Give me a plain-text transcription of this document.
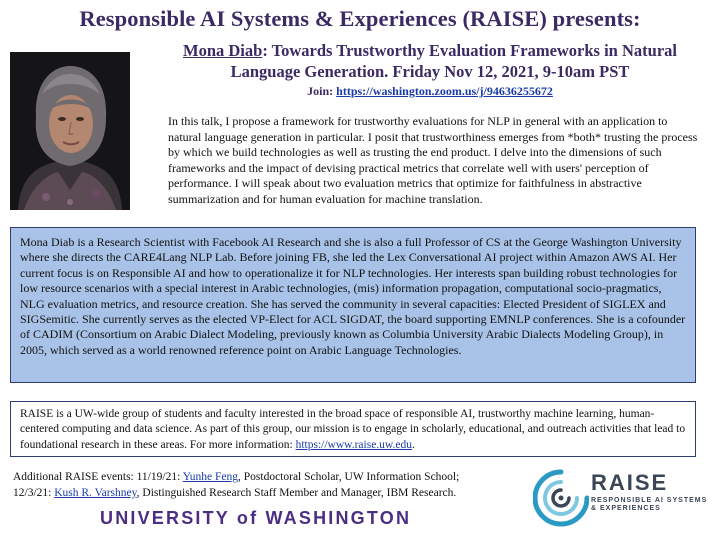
Responsible AI Systems & Experiences (RAISE) presents:
Mona Diab: Towards Trustworthy Evaluation Frameworks in Natural Language Generation. Friday Nov 12, 2021, 9-10am PST
Join: https://washington.zoom.us/j/94636255672
In this talk, I propose a framework for trustworthy evaluations for NLP in general with an application to natural language generation in particular. I posit that trustworthiness emerges from *both* trusting the process by which we build technologies as well as trusting the end product. I delve into the dimensions of such frameworks and the impact of devising practical metrics that correlate well with users' perception of performance. I will speak about two evaluation metrics that optimize for faithfulness in abstractive summarization and for human evaluation for machine translation.
Mona Diab is a Research Scientist with Facebook AI Research and she is also a full Professor of CS at the George Washington University where she directs the CARE4Lang NLP Lab. Before joining FB, she led the Lex Conversational AI project within Amazon AWS AI. Her current focus is on Responsible AI and how to operationalize it for NLP technologies. Her interests span building robust technologies for low resource scenarios with a special interest in Arabic technologies, (mis) information propagation, computational socio-pragmatics, NLG evaluation metrics, and resource creation. She has served the community in several capacities: Elected President of SIGLEX and SIGSemitic. She currently serves as the elected VP-Elect for ACL SIGDAT, the board supporting EMNLP conferences. She is a cofounder of CADIM (Consortium on Arabic Dialect Modeling, previously known as Columbia University Arabic Dialects Modeling Group), in 2005, which served as a world renowned reference point on Arabic Language Technologies.
RAISE is a UW-wide group of students and faculty interested in the broad space of responsible AI, trustworthy machine learning, human-centered computing and data science. As part of this group, our mission is to engage in scholarly, educational, and outreach activities that lead to foundational research in these areas. For more information: https://www.raise.uw.edu.
Additional RAISE events: 11/19/21: Yunhe Feng, Postdoctoral Scholar, UW Information School;
12/3/21: Kush R. Varshney, Distinguished Research Staff Member and Manager, IBM Research.
UNIVERSITY of WASHINGTON
RAISE
RESPONSIBLE AI SYSTEMS & EXPERIENCES
